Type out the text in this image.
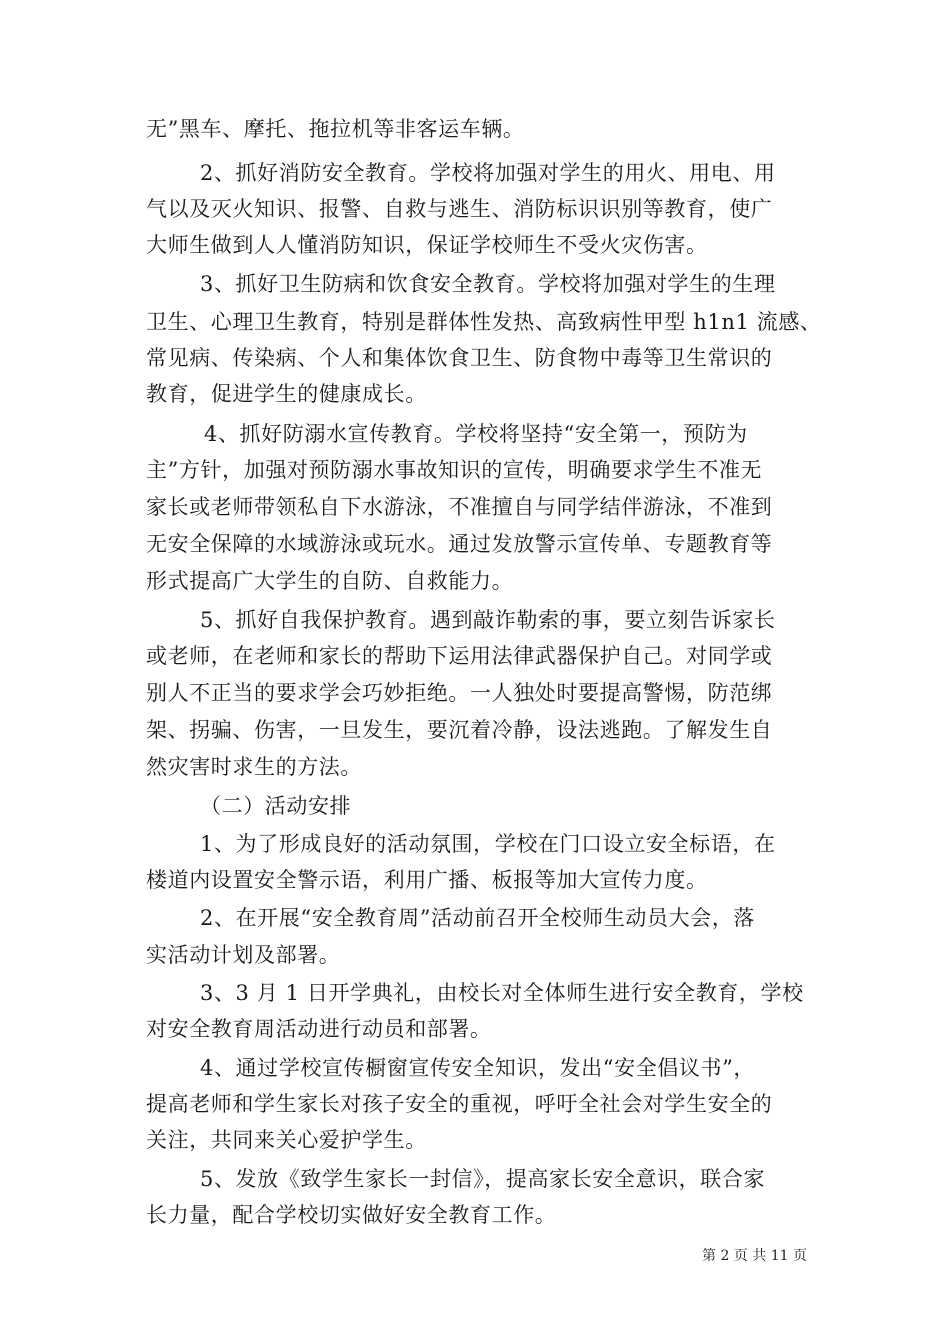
无”黑车、摩托、拖拉机等非客运车辆。
2、抓好消防安全教育。学校将加强对学生的用火、用电、用
气以及灭火知识、报警、自救与逃生、消防标识识别等教育，使广
大师生做到人人懂消防知识，保证学校师生不受火灾伤害。
3、抓好卫生防病和饮食安全教育。学校将加强对学生的生理
卫生、心理卫生教育，特别是群体性发热、高致病性甲型 h1n1 流感、
常见病、传染病、个人和集体饮食卫生、防食物中毒等卫生常识的
教育，促进学生的健康成长。
4、抓好防溺水宣传教育。学校将坚持“安全第一，预防为
主”方针，加强对预防溺水事故知识的宣传，明确要求学生不准无
家长或老师带领私自下水游泳，不准擅自与同学结伴游泳，不准到
无安全保障的水域游泳或玩水。通过发放警示宣传单、专题教育等
形式提高广大学生的自防、自救能力。
5、抓好自我保护教育。遇到敲诈勒索的事，要立刻告诉家长
或老师，在老师和家长的帮助下运用法律武器保护自己。对同学或
别人不正当的要求学会巧妙拒绝。一人独处时要提高警惕，防范绑
架、拐骗、伤害，一旦发生，要沉着冷静，设法逃跑。了解发生自
然灾害时求生的方法。
（二）活动安排
1、为了形成良好的活动氛围，学校在门口设立安全标语，在
楼道内设置安全警示语，利用广播、板报等加大宣传力度。
2、在开展“安全教育周”活动前召开全校师生动员大会，落
实活动计划及部署。
3、3 月 1 日开学典礼，由校长对全体师生进行安全教育，学校
对安全教育周活动进行动员和部署。
4、通过学校宣传橱窗宣传安全知识，发出“安全倡议书”，
提高老师和学生家长对孩子安全的重视，呼吁全社会对学生安全的
关注，共同来关心爱护学生。
5、发放《致学生家长一封信》，提高家长安全意识，联合家
长力量，配合学校切实做好安全教育工作。
第 2 页 共 11 页
